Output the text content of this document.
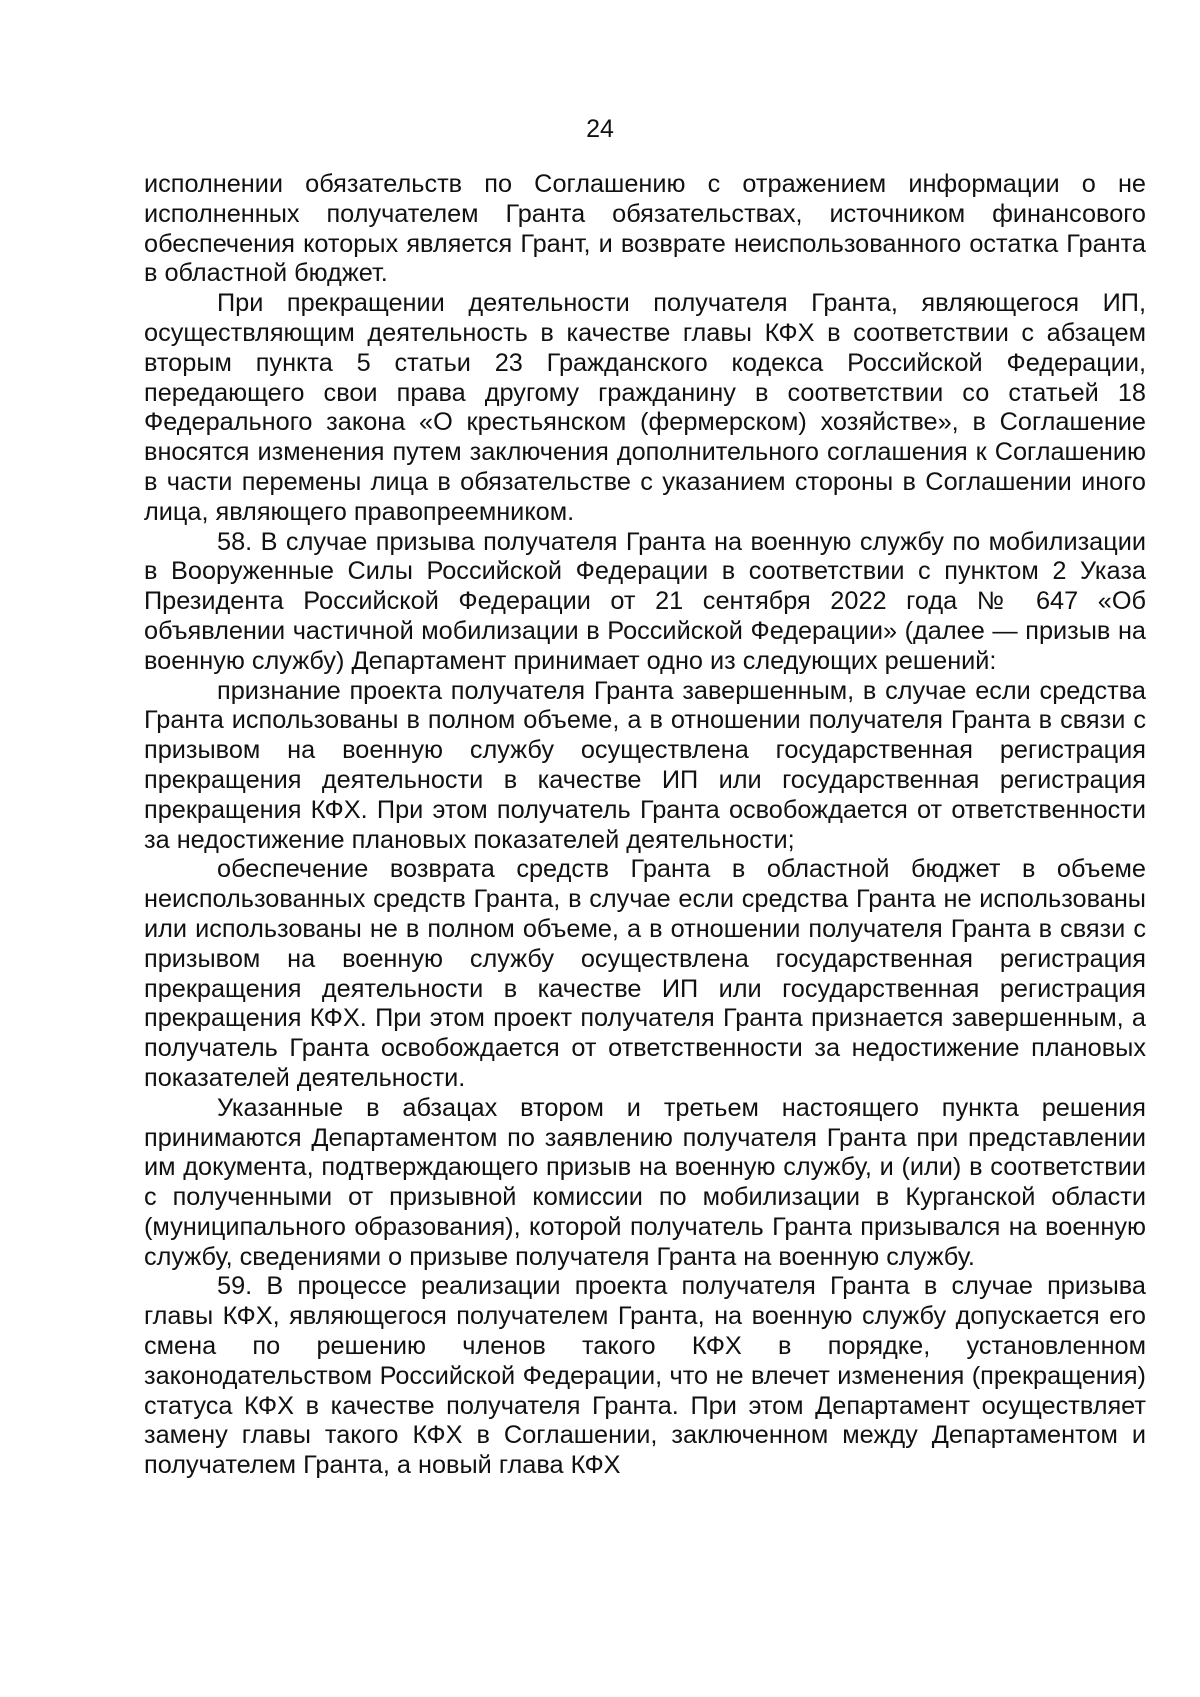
24

исполнении обязательств по Соглашению с отражением информации о не исполненных получателем Гранта обязательствах, источником финансового обеспечения которых является Грант, и возврате неиспользованного остатка Гранта в областной бюджет.

При прекращении деятельности получателя Гранта, являющегося ИП, осуществляющим деятельность в качестве главы КФХ в соответствии с абзацем вторым пункта 5 статьи 23 Гражданского кодекса Российской Федерации, передающего свои права другому гражданину в соответствии со статьей 18 Федерального закона «О крестьянском (фермерском) хозяйстве», в Соглашение вносятся изменения путем заключения дополнительного соглашения к Соглашению в части перемены лица в обязательстве с указанием стороны в Соглашении иного лица, являющего правопреемником.

58. В случае призыва получателя Гранта на военную службу по мобилизации в Вооруженные Силы Российской Федерации в соответствии с пунктом 2 Указа Президента Российской Федерации от 21 сентября 2022 года № 647 «Об объявлении частичной мобилизации в Российской Федерации» (далее — призыв на военную службу) Департамент принимает одно из следующих решений:

признание проекта получателя Гранта завершенным, в случае если средства Гранта использованы в полном объеме, а в отношении получателя Гранта в связи с призывом на военную службу осуществлена государственная регистрация прекращения деятельности в качестве ИП или государственная регистрация прекращения КФХ. При этом получатель Гранта освобождается от ответственности за недостижение плановых показателей деятельности;

обеспечение возврата средств Гранта в областной бюджет в объеме неиспользованных средств Гранта, в случае если средства Гранта не использованы или использованы не в полном объеме, а в отношении получателя Гранта в связи с призывом на военную службу осуществлена государственная регистрация прекращения деятельности в качестве ИП или государственная регистрация прекращения КФХ. При этом проект получателя Гранта признается завершенным, а получатель Гранта освобождается от ответственности за недостижение плановых показателей деятельности.

Указанные в абзацах втором и третьем настоящего пункта решения принимаются Департаментом по заявлению получателя Гранта при представлении им документа, подтверждающего призыв на военную службу, и (или) в соответствии с полученными от призывной комиссии по мобилизации в Курганской области (муниципального образования), которой получатель Гранта призывался на военную службу, сведениями о призыве получателя Гранта на военную службу.

59. В процессе реализации проекта получателя Гранта в случае призыва главы КФХ, являющегося получателем Гранта, на военную службу допускается его смена по решению членов такого КФХ в порядке, установленном законодательством Российской Федерации, что не влечет изменения (прекращения) статуса КФХ в качестве получателя Гранта. При этом Департамент осуществляет замену главы такого КФХ в Соглашении, заключенном между Департаментом и получателем Гранта, а новый глава КФХ
